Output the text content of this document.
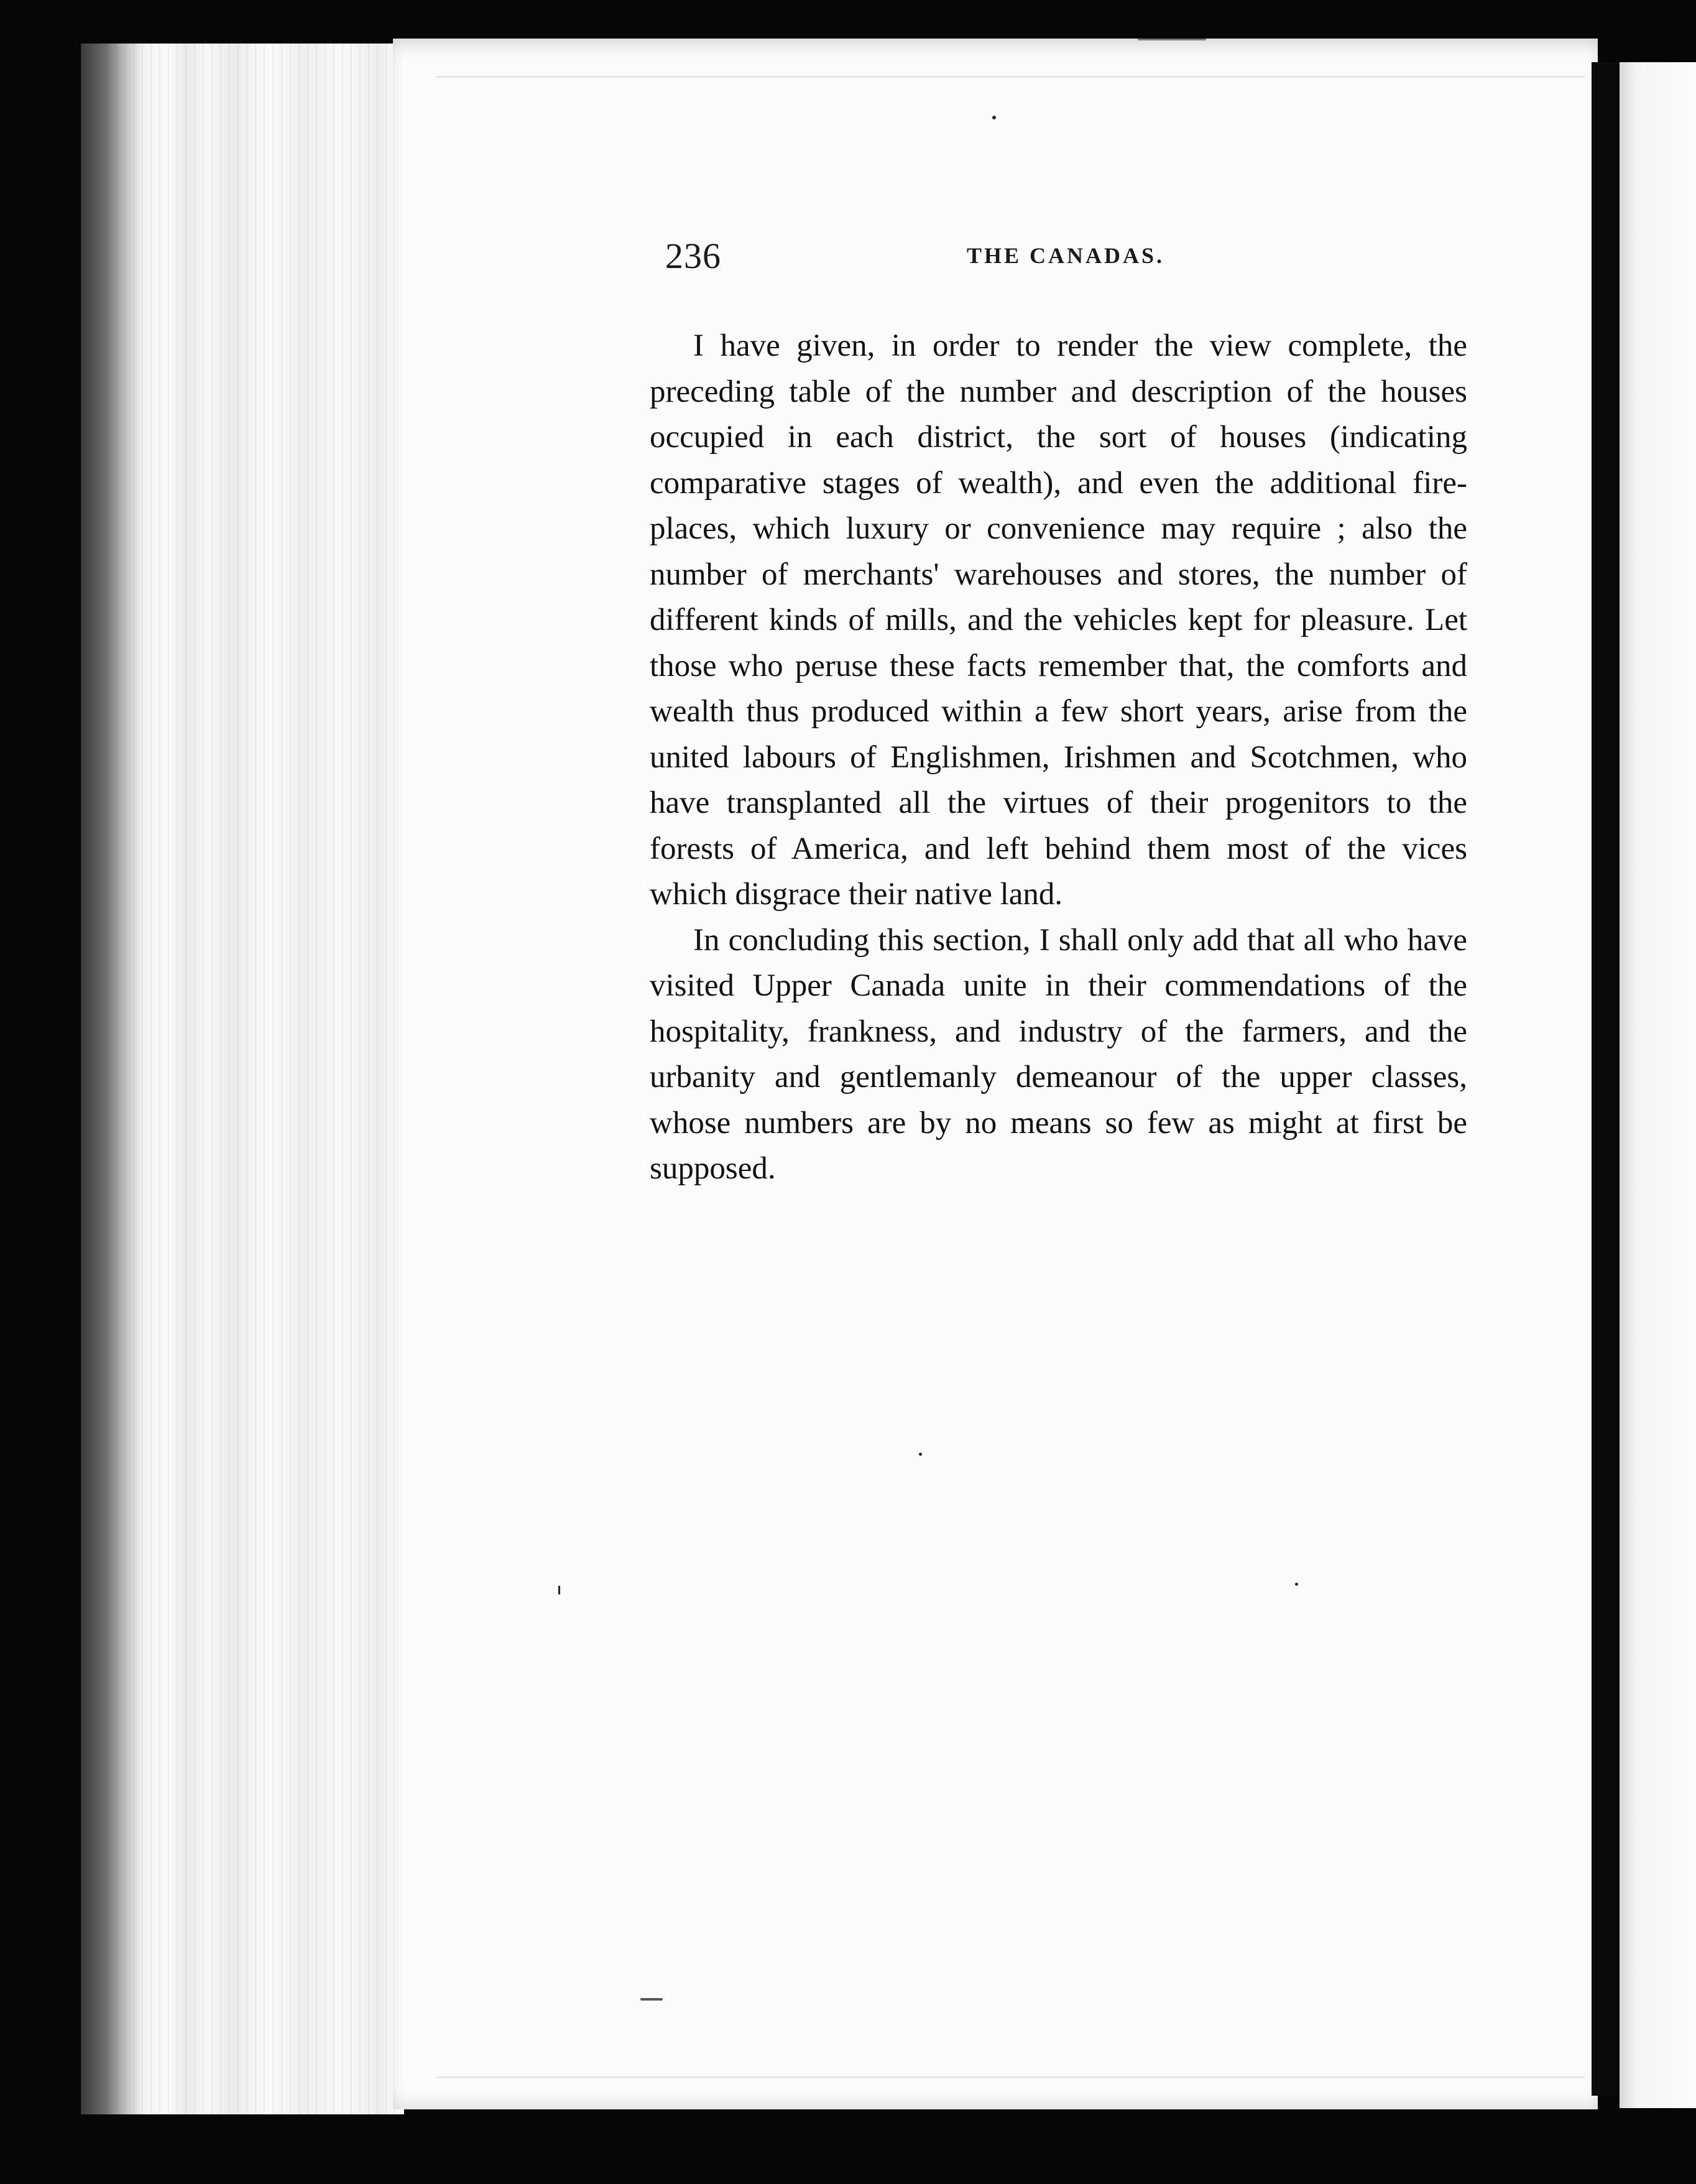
236	THE CANADAS.

I have given, in order to render the view complete, the preceding table of the number and description of the houses occupied in each district, the sort of houses (indicating comparative stages of wealth), and even the additional fire-places, which luxury or convenience may require ; also the number of merchants' warehouses and stores, the number of different kinds of mills, and the vehicles kept for pleasure. Let those who peruse these facts remember that, the comforts and wealth thus produced within a few short years, arise from the united labours of Englishmen, Irishmen and Scotchmen, who have transplanted all the virtues of their progenitors to the forests of America, and left behind them most of the vices which disgrace their native land.

In concluding this section, I shall only add that all who have visited Upper Canada unite in their commendations of the hospitality, frankness, and industry of the farmers, and the urbanity and gentlemanly demeanour of the upper classes, whose numbers are by no means so few as might at first be supposed.
